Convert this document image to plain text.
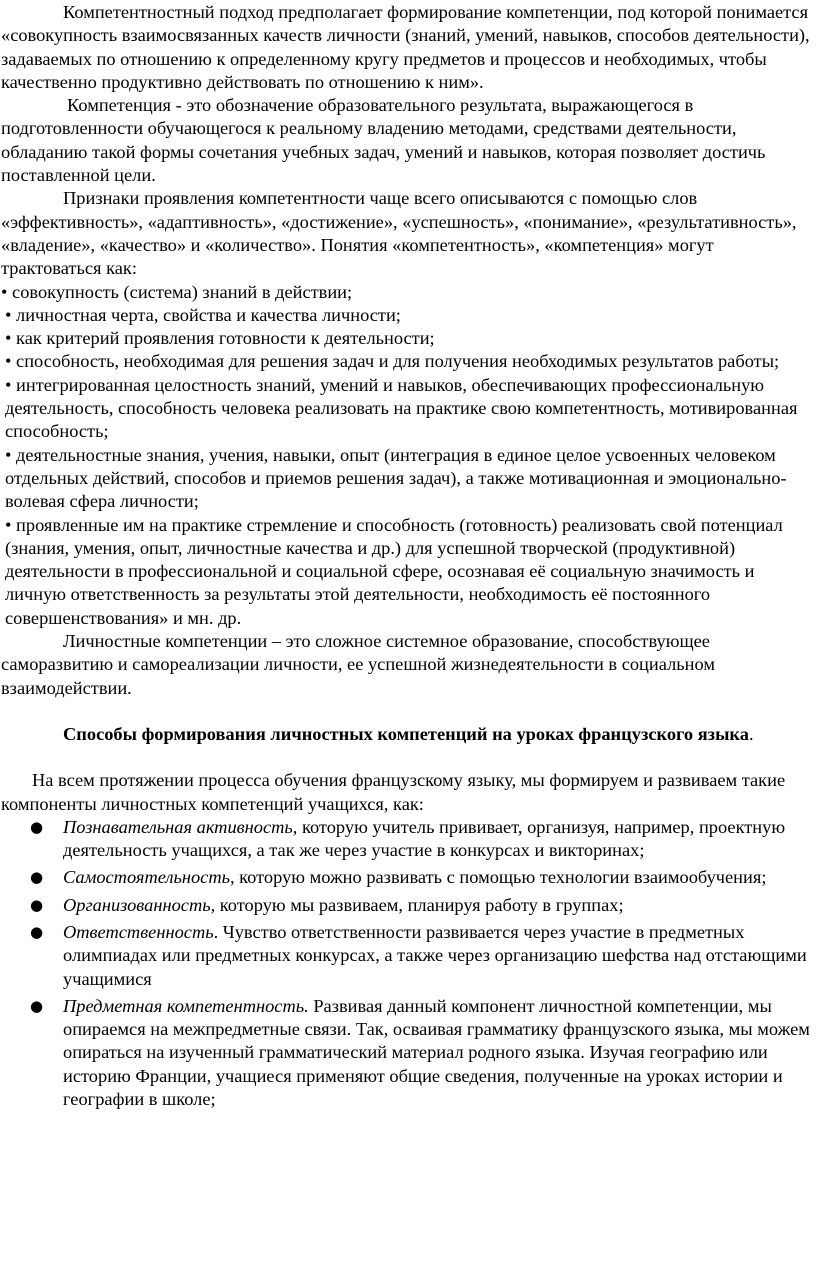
Компетентностный подход предполагает формирование компетенции, под которой понимается «совокупность взаимосвязанных качеств личности (знаний, умений, навыков, способов деятельности), задаваемых по отношению к определенному кругу предметов и процессов и необходимых, чтобы качественно продуктивно действовать по отношению к ним».

Компетенция - это обозначение образовательного результата, выражающегося в подготовленности обучающегося к реальному владению методами, средствами деятельности, обладанию такой формы сочетания учебных задач, умений и навыков, которая позволяет достичь поставленной цели.

Признаки проявления компетентности чаще всего описываются с помощью слов «эффективность», «адаптивность», «достижение», «успешность», «понимание», «результативность», «владение», «качество» и «количество». Понятия «компетентность», «компетенция» могут трактоваться как:

• совокупность (система) знаний в действии;

• личностная черта, свойства и качества личности;

• как критерий проявления готовности к деятельности;

• способность, необходимая для решения задач и для получения необходимых результатов работы;

• интегрированная целостность знаний, умений и навыков, обеспечивающих профессиональную деятельность, способность человека реализовать на практике свою компетентность, мотивированная способность;

• деятельностные знания, учения, навыки, опыт (интеграция в единое целое усвоенных человеком отдельных действий, способов и приемов решения задач), а также мотивационная и эмоционально-волевая сфера личности;

• проявленные им на практике стремление и способность (готовность) реализовать свой потенциал (знания, умения, опыт, личностные качества и др.) для успешной творческой (продуктивной) деятельности в профессиональной и социальной сфере, осознавая её социальную значимость и личную ответственность за результаты этой деятельности, необходимость её постоянного совершенствования» и мн. др.

Личностные компетенции – это сложное системное образование, способствующее саморазвитию и самореализации личности, ее успешной жизнедеятельности в социальном взаимодействии.

Способы формирования личностных компетенций на уроках французского языка.

На всем протяжении процесса обучения французскому языку, мы формируем и развиваем такие компоненты личностных компетенций учащихся, как:

● Познавательная активность, которую учитель прививает, организуя, например, проектную деятельность учащихся, а так же через участие в конкурсах и викторинах;
● Самостоятельность, которую можно развивать с помощью технологии взаимообучения;
● Организованность, которую мы развиваем, планируя работу в группах;
● Ответственность. Чувство ответственности развивается через участие в предметных олимпиадах или предметных конкурсах, а также через организацию шефства над отстающими учащимися
● Предметная компетентность. Развивая данный компонент личностной компетенции, мы опираемся на межпредметные связи. Так, осваивая грамматику французского языка, мы можем опираться на изученный грамматический материал родного языка. Изучая географию или историю Франции, учащиеся применяют общие сведения, полученные на уроках истории и географии в школе;
